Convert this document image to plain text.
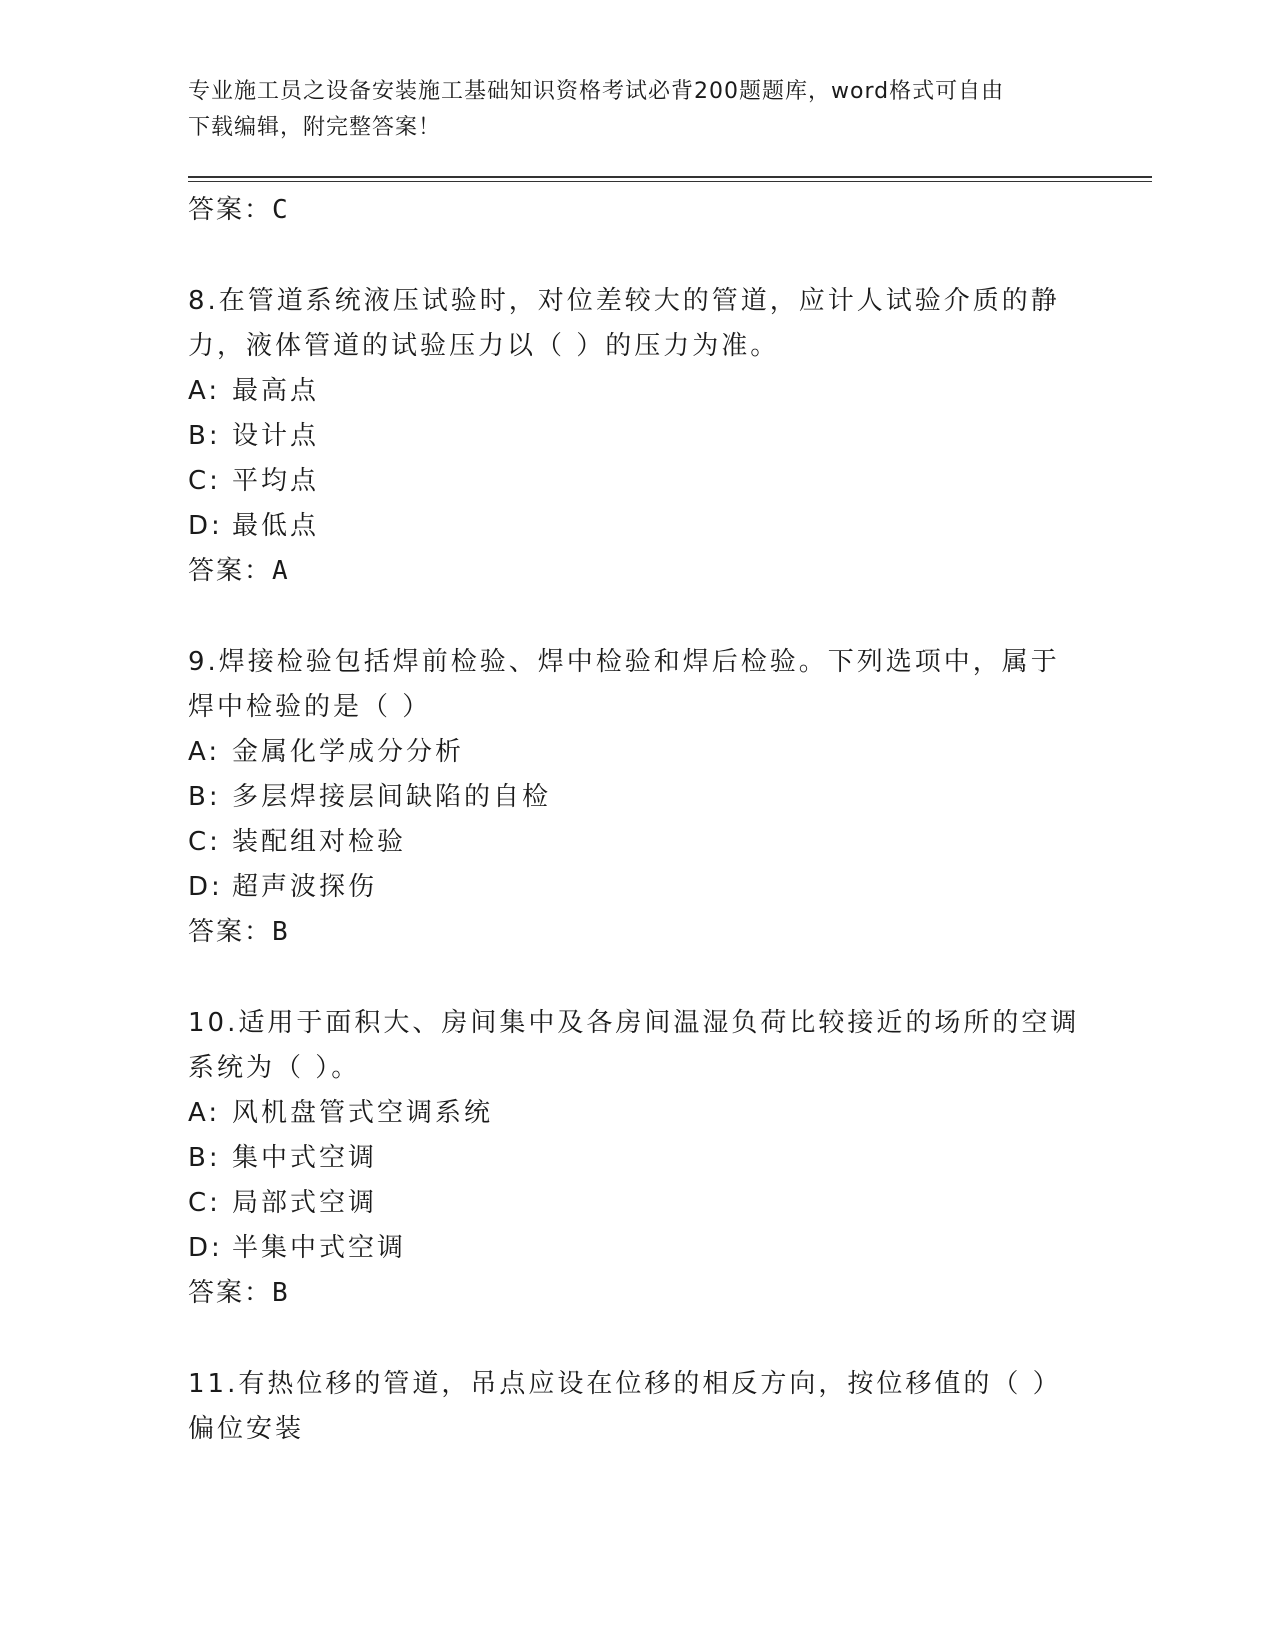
专业施工员之设备安装施工基础知识资格考试必背200题题库，word格式可自由
下载编辑，附完整答案！
答案：C
8.在管道系统液压试验时，对位差较大的管道，应计人试验介质的静
力，液体管道的试验压力以（ ）的压力为准。
A: 最高点
B: 设计点
C: 平均点
D: 最低点
答案：A
9.焊接检验包括焊前检验、焊中检验和焊后检验。下列选项中，属于
焊中检验的是（ ）
A: 金属化学成分分析
B: 多层焊接层间缺陷的自检
C: 装配组对检验
D: 超声波探伤
答案：B
10.适用于面积大、房间集中及各房间温湿负荷比较接近的场所的空调
系统为（ ）。
A: 风机盘管式空调系统
B: 集中式空调
C: 局部式空调
D: 半集中式空调
答案：B
11.有热位移的管道，吊点应设在位移的相反方向，按位移值的（ ）
偏位安装
